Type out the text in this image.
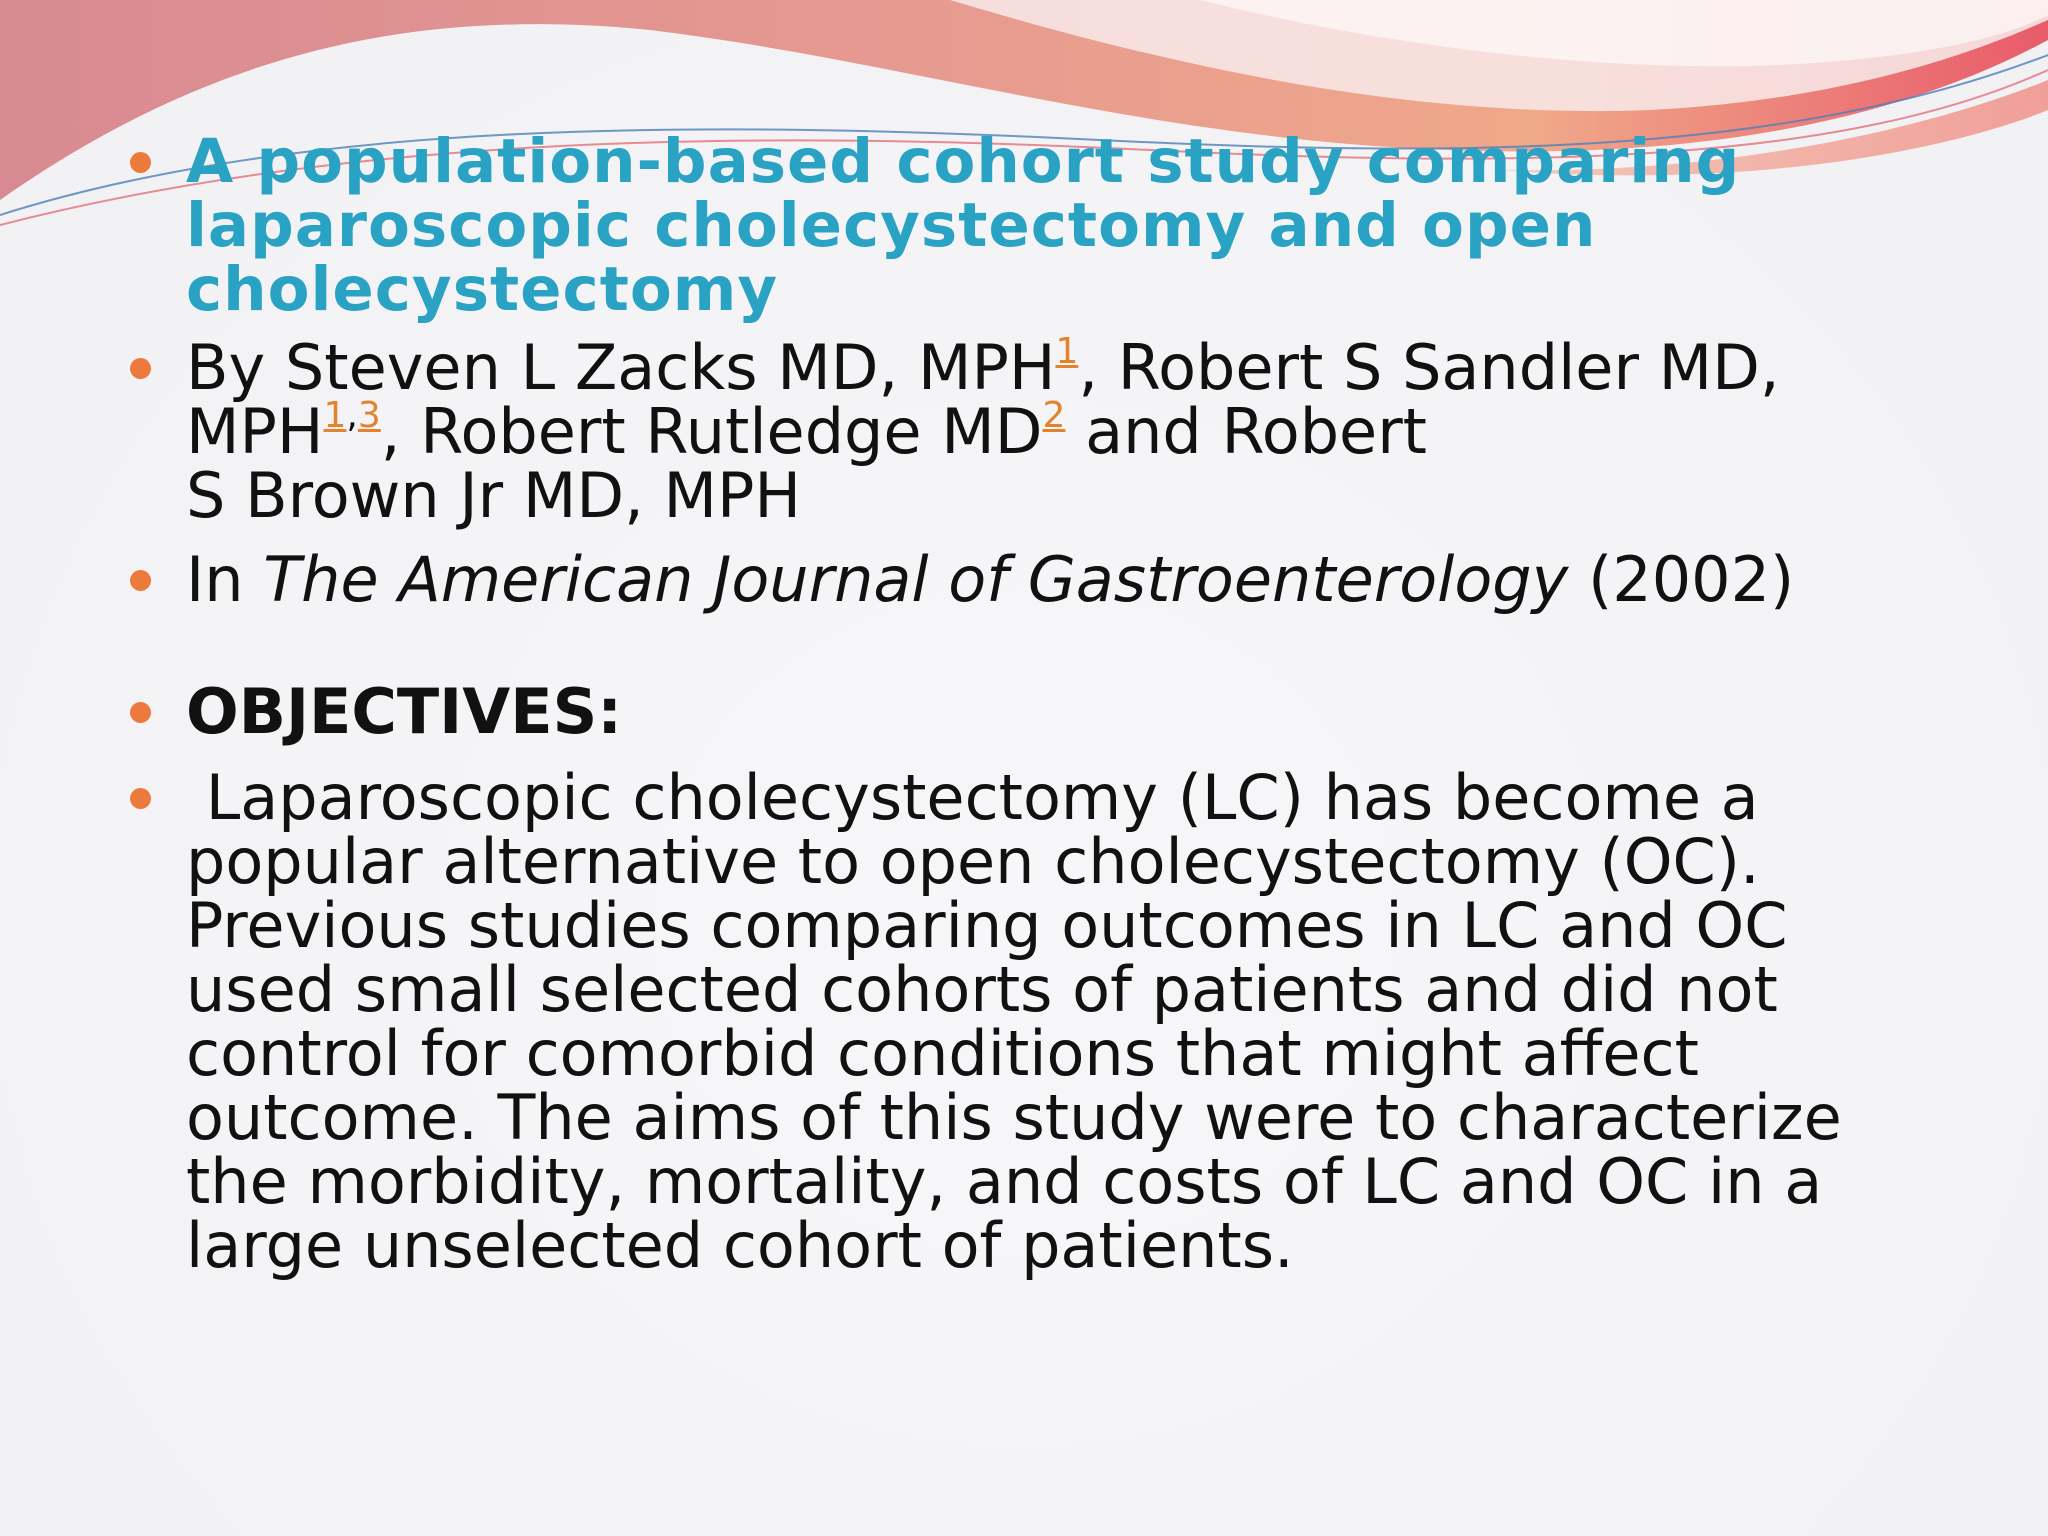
A population-based cohort study comparing
laparoscopic cholecystectomy and open
cholecystectomy
By Steven L Zacks MD, MPH$^1$, Robert S Sandler MD,
MPH$^{1,3}$, Robert Rutledge MD$^2$ and Robert
S Brown Jr MD, MPH
In The American Journal of Gastroenterology (2002)
OBJECTIVES:
Laparoscopic cholecystectomy (LC) has become a
popular alternative to open cholecystectomy (OC).
Previous studies comparing outcomes in LC and OC
used small selected cohorts of patients and did not
control for comorbid conditions that might affect
outcome. The aims of this study were to characterize
the morbidity, mortality, and costs of LC and OC in a
large unselected cohort of patients.
